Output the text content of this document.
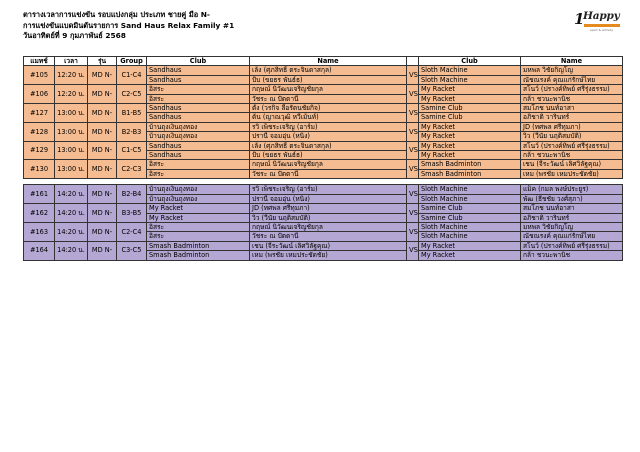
ตารางเวลาการแข่งขัน รอบแบ่งกลุ่ม ประเภท ชายคู่ มือ N-
การแข่งขันแบดมินตันรายการ Sand Haus Relax Family #1
วันอาทิตย์ที่ 9 กุมภาพันธ์ 2568
1
Happy
sport & activity
แมทช์	เวลา	รุ่น	Group	Club	Name		Club	Name
#105	12:20 น.	MD N-	C1-C4	Sandhaus	เล้ง (ศุภสิทธิ์ ตระจินดาสกุล)	VS	Sloth Machine	มหพล วิชัยกิญโญ
				Sandhaus	ปั้บ (ขยธร พันธ์ธ)		Sloth Machine	ณัชณรงค์ คุณแก่รักษ์ไทย
#106	12:20 น.	MD N-	C2-C5	อิสระ	กฤษณ์ นิวัฒนเจริญชัยกุล	VS	My Racket	สโนว์ (ปรางค์ทิพย์ ศรีรุ่งธรรม)
				อิสระ	วัชระ ณ ปัตตานี		My Racket	กล้า ชวนะพานิช
#127	13:00 น.	MD N-	B1-B5	Sandhaus	ตั้ง (วรกิจ ลือรัตนชัยกิจ)	VS	Samine Club	สมโภช นนท์อาสา
				Sandhaus	ต้น (ญาณวุฒิ หวีเม้นท์)		Samine Club	อภิชาติ วารินทร์
#128	13:00 น.	MD N-	B2-B3	บ้านถุงเงินถุงทอง	รวิ เพ็ชระเจริญ (อาร์ม)	VS	My Racket	JD (ทศพล ศรีทุมภา)
				บ้านถุงเงินถุงทอง	ปรานี จอมอุ่น (หนิง)		My Racket	วิว (วีนัย นฤติสมบัติ)
#129	13:00 น.	MD N-	C1-C5	Sandhaus	เล้ง (ศุภสิทธิ์ ตระจินดาสกุล)	VS	My Racket	สโนว์ (ปรางค์ทิพย์ ศรีรุ่งธรรม)
				Sandhaus	ปั้บ (ขยธร พันธ์ธ)		My Racket	กล้า ชวนะพานิช
#130	13:00 น.	MD N-	C2-C3	อิสระ	กฤษณ์ นิวัฒนเจริญชัยกุล	VS	Smash Badminton	เชน (จีระวัฒน์ เลิศวิลัฐคุณ)
				อิสระ	วัชระ ณ ปัตตานี		Smash Badminton	เหม (พรชัย เหมประชัดชัย)

#161	14:20 น.	MD N-	B2-B4	บ้านถุงเงินถุงทอง	รวิ เพ็ชระเจริญ (อาร์ม)	VS	Sloth Machine	แม็ค (กมล พงษ์ประยูร)
				บ้านถุงเงินถุงทอง	ปรานี จอมอุ่น (หนิง)		Sloth Machine	พัฒ (ธีชชัย วงศ์สุภา)
#162	14:20 น.	MD N-	B3-B5	My Racket	JD (ทศพล ศรีทุมภา)	VS	Samine Club	สมโภช นนท์อาสา
				My Racket	วิว (วีนัย นฤติสมบัติ)		Samine Club	อภิชาติ วารินทร์
#163	14:20 น.	MD N-	C2-C4	อิสระ	กฤษณ์ นิวัฒนเจริญชัยกุล	VS	Sloth Machine	มหพล วิชัยกิญโญ
				อิสระ	วัชระ ณ ปัตตานี		Sloth Machine	ณัชณรงค์ คุณแก่รักษ์ไทย
#164	14:20 น.	MD N-	C3-C5	Smash Badminton	เชน (จีระวัฒน์ เลิศวิลัฐคุณ)	VS	My Racket	สโนว์ (ปรางค์ทิพย์ ศรีรุ่งธรรม)
				Smash Badminton	เหม (พรชัย เหมประชัดชัย)		My Racket	กล้า ชวนะพานิช
